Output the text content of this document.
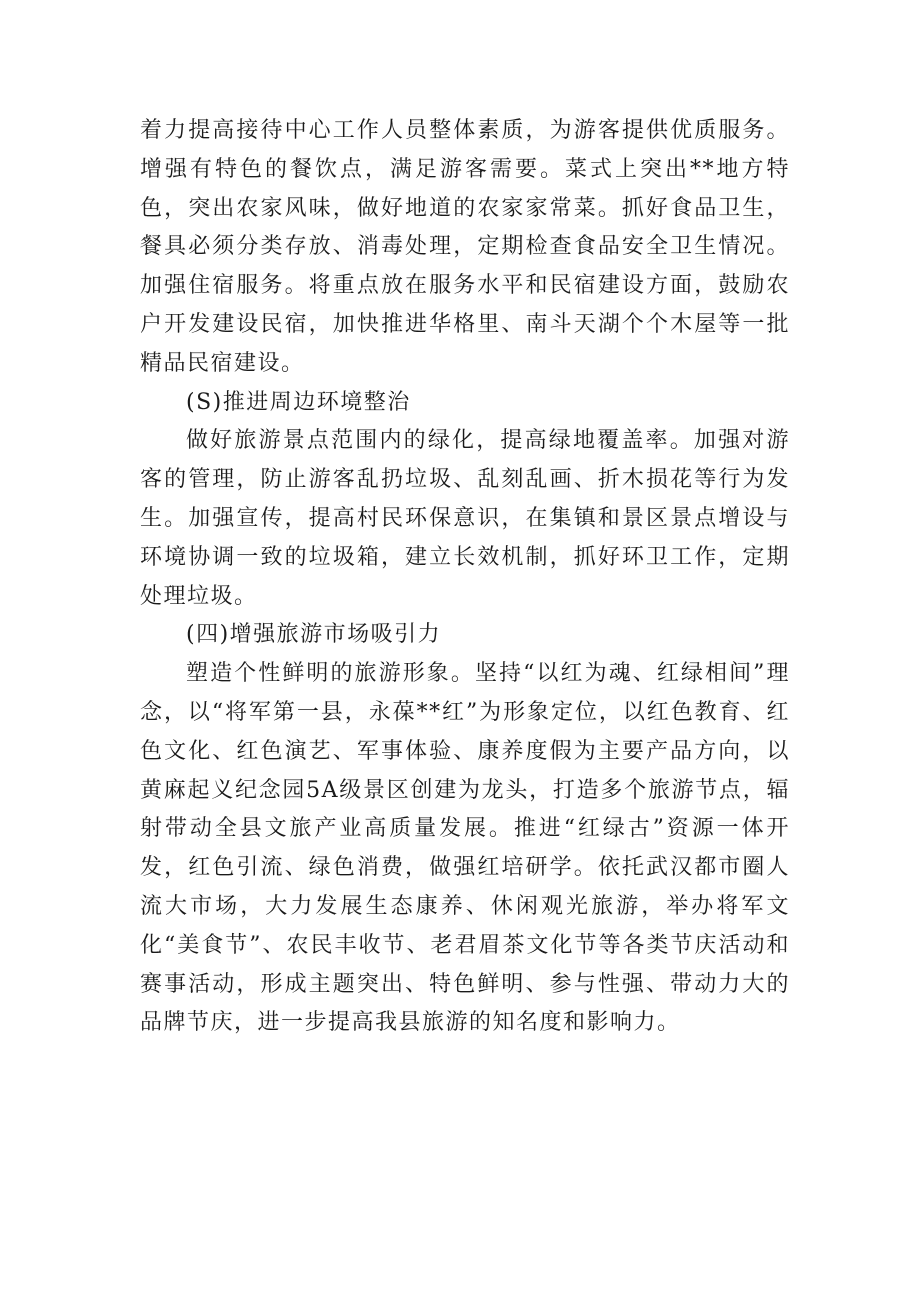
着力提高接待中心工作人员整体素质，为游客提供优质服务。增强有特色的餐饮点，满足游客需要。菜式上突出**地方特色，突出农家风味，做好地道的农家家常菜。抓好食品卫生，餐具必须分类存放、消毒处理，定期检查食品安全卫生情况。加强住宿服务。将重点放在服务水平和民宿建设方面，鼓励农户开发建设民宿，加快推进华格里、南斗天湖个个木屋等一批精品民宿建设。

(S)推进周边环境整治

做好旅游景点范围内的绿化，提高绿地覆盖率。加强对游客的管理，防止游客乱扔垃圾、乱刻乱画、折木损花等行为发生。加强宣传，提高村民环保意识，在集镇和景区景点增设与环境协调一致的垃圾箱，建立长效机制，抓好环卫工作，定期处理垃圾。

(四)增强旅游市场吸引力

塑造个性鲜明的旅游形象。坚持“以红为魂、红绿相间”理念，以“将军第一县，永葆**红”为形象定位，以红色教育、红色文化、红色演艺、军事体验、康养度假为主要产品方向，以黄麻起义纪念园5A级景区创建为龙头，打造多个旅游节点，辐射带动全县文旅产业高质量发展。推进“红绿古”资源一体开发，红色引流、绿色消费，做强红培研学。依托武汉都市圈人流大市场，大力发展生态康养、休闲观光旅游，举办将军文化“美食节”、农民丰收节、老君眉茶文化节等各类节庆活动和赛事活动，形成主题突出、特色鲜明、参与性强、带动力大的品牌节庆，进一步提高我县旅游的知名度和影响力。
